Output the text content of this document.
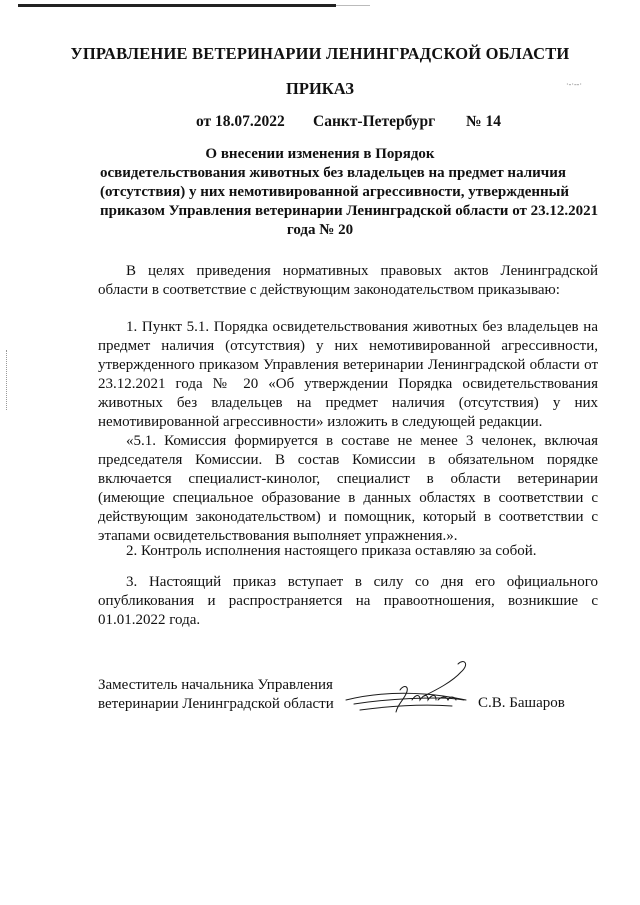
·‐·‐‐·
УПРАВЛЕНИЕ ВЕТЕРИНАРИИ ЛЕНИНГРАДСКОЙ ОБЛАСТИ
ПРИКАЗ
от 18.07.2022 Санкт-Петербург № 14
О внесении изменения в Порядок
освидетельствования животных без владельцев на предмет наличия
(отсутствия) у них немотивированной агрессивности, утвержденный
приказом Управления ветеринарии Ленинградской области от 23.12.2021
года № 20
В целях приведения нормативных правовых актов Ленинградской области в соответствие с действующим законодательством приказываю:
1. Пункт 5.1. Порядка освидетельствования животных без владельцев на предмет наличия (отсутствия) у них немотивированной агрессивности, утвержденного приказом Управления ветеринарии Ленинградской области от 23.12.2021 года № 20 «Об утверждении Порядка освидетельствования животных без владельцев на предмет наличия (отсутствия) у них немотивированной агрессивности» изложить в следующей редакции.
«5.1. Комиссия формируется в составе не менее 3 челонек, включая председателя Комиссии. В состав Комиссии в обязательном порядке включается специалист-кинолог, специалист в области ветеринарии (имеющие специальное образование в данных областях в соответствии с действующим законодательством) и помощник, который в соответствии с этапами освидетельствования выполняет упражнения.».
2. Контроль исполнения настоящего приказа оставляю за собой.
3. Настоящий приказ вступает в силу со дня его официального опубликования и распространяется на правоотношения, возникшие с 01.01.2022 года.
Заместитель начальника Управления
ветеринарии Ленинградской области	С.В. Башаров
